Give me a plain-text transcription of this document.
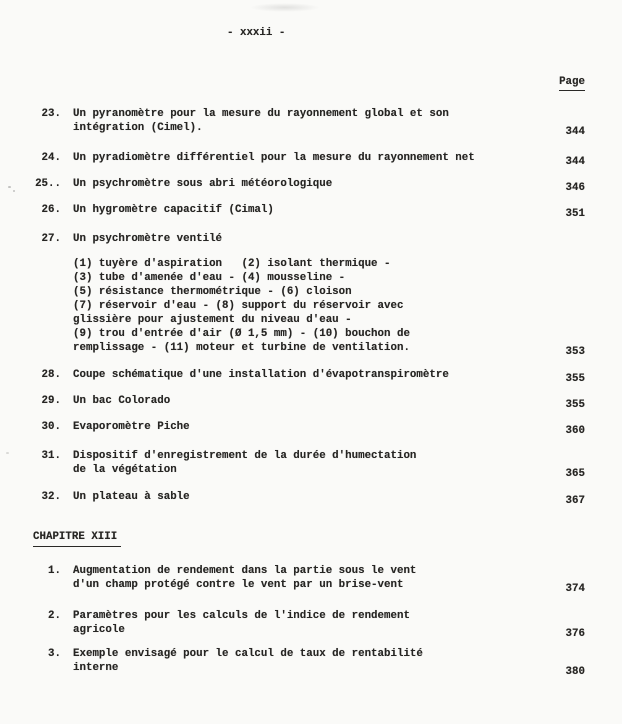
- xxxii -
Page
23. Un pyranomètre pour la mesure du rayonnement global et son
intégration (Cimel).	344
24. Un pyradiomètre différentiel pour la mesure du rayonnement net	344
25.. Un psychromètre sous abri météorologique	346
26. Un hygromètre capacitif (Cimal)	351
27. Un psychromètre ventilé
(1) tuyère d'aspiration   (2) isolant thermique -
(3) tube d'amenée d'eau - (4) mousseline -
(5) résistance thermométrique - (6) cloison
(7) réservoir d'eau - (8) support du réservoir avec
glissière pour ajustement du niveau d'eau -
(9) trou d'entrée d'air (Ø 1,5 mm) - (10) bouchon de
remplissage - (11) moteur et turbine de ventilation.	353
28. Coupe schématique d'une installation d'évapotranspiromètre	355
29. Un bac Colorado	355
30. Evaporomètre Piche	360
31. Dispositif d'enregistrement de la durée d'humectation
de la végétation	365
32. Un plateau à sable	367
CHAPITRE XIII
1. Augmentation de rendement dans la partie sous le vent
d'un champ protégé contre le vent par un brise-vent	374
2. Paramètres pour les calculs de l'indice de rendement
agricole	376
3. Exemple envisagé pour le calcul de taux de rentabilité
interne	380
